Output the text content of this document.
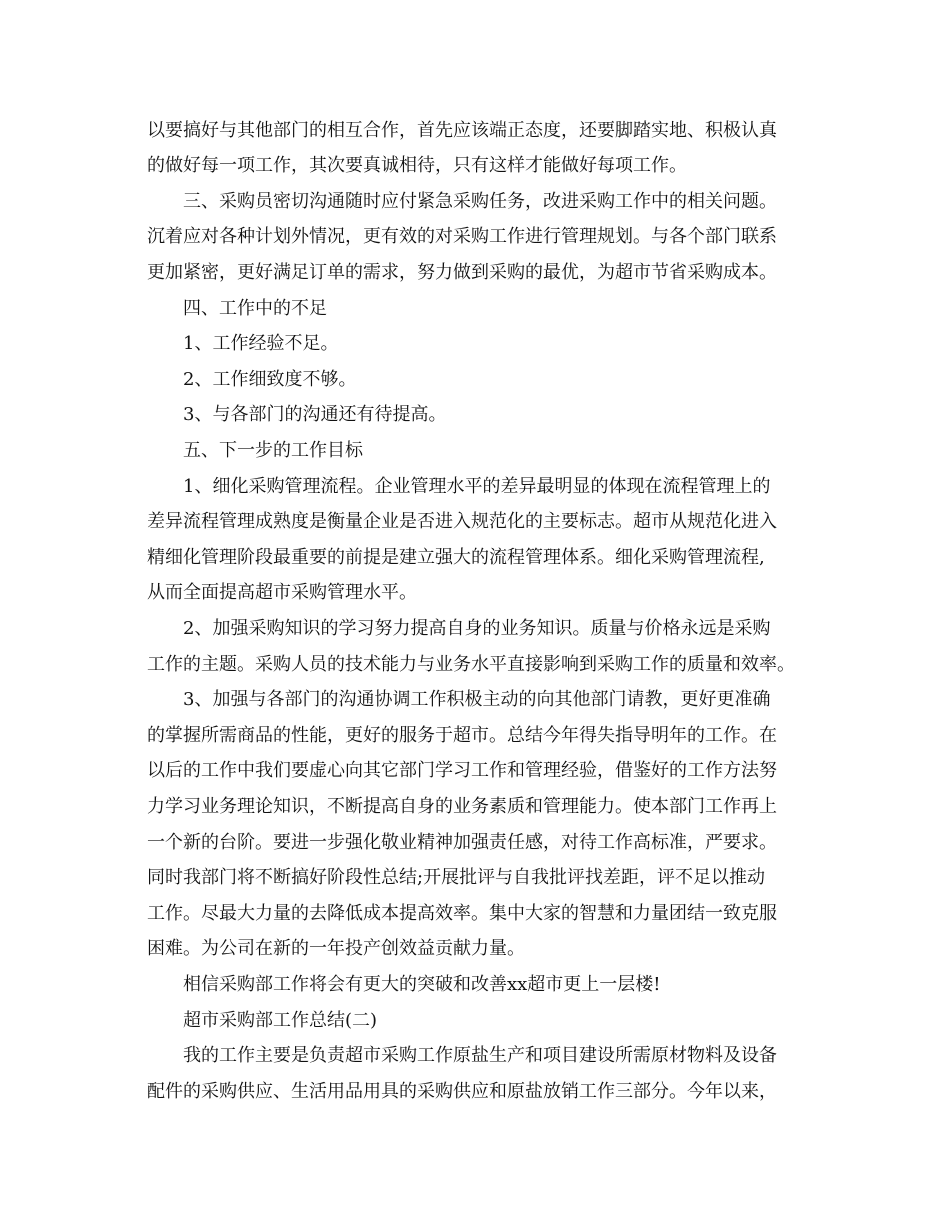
以要搞好与其他部门的相互合作，首先应该端正态度，还要脚踏实地、积极认真
的做好每一项工作，其次要真诚相待，只有这样才能做好每项工作。
三、采购员密切沟通随时应付紧急采购任务，改进采购工作中的相关问题。
沉着应对各种计划外情况，更有效的对采购工作进行管理规划。与各个部门联系
更加紧密，更好满足订单的需求，努力做到采购的最优，为超市节省采购成本。
四、工作中的不足
1、工作经验不足。
2、工作细致度不够。
3、与各部门的沟通还有待提高。
五、下一步的工作目标
1、细化采购管理流程。企业管理水平的差异最明显的体现在流程管理上的
差异流程管理成熟度是衡量企业是否进入规范化的主要标志。超市从规范化进入
精细化管理阶段最重要的前提是建立强大的流程管理体系。细化采购管理流程,
从而全面提高超市采购管理水平。
2、加强采购知识的学习努力提高自身的业务知识。质量与价格永远是采购
工作的主题。采购人员的技术能力与业务水平直接影响到采购工作的质量和效率。
3、加强与各部门的沟通协调工作积极主动的向其他部门请教，更好更准确
的掌握所需商品的性能，更好的服务于超市。总结今年得失指导明年的工作。在
以后的工作中我们要虚心向其它部门学习工作和管理经验，借鉴好的工作方法努
力学习业务理论知识，不断提高自身的业务素质和管理能力。使本部门工作再上
一个新的台阶。要进一步强化敬业精神加强责任感，对待工作高标准，严要求。
同时我部门将不断搞好阶段性总结;开展批评与自我批评找差距，评不足以推动
工作。尽最大力量的去降低成本提高效率。集中大家的智慧和力量团结一致克服
困难。为公司在新的一年投产创效益贡献力量。
相信采购部工作将会有更大的突破和改善xx超市更上一层楼!
超市采购部工作总结(二)
我的工作主要是负责超市采购工作原盐生产和项目建设所需原材物料及设备
配件的采购供应、生活用品用具的采购供应和原盐放销工作三部分。今年以来，
